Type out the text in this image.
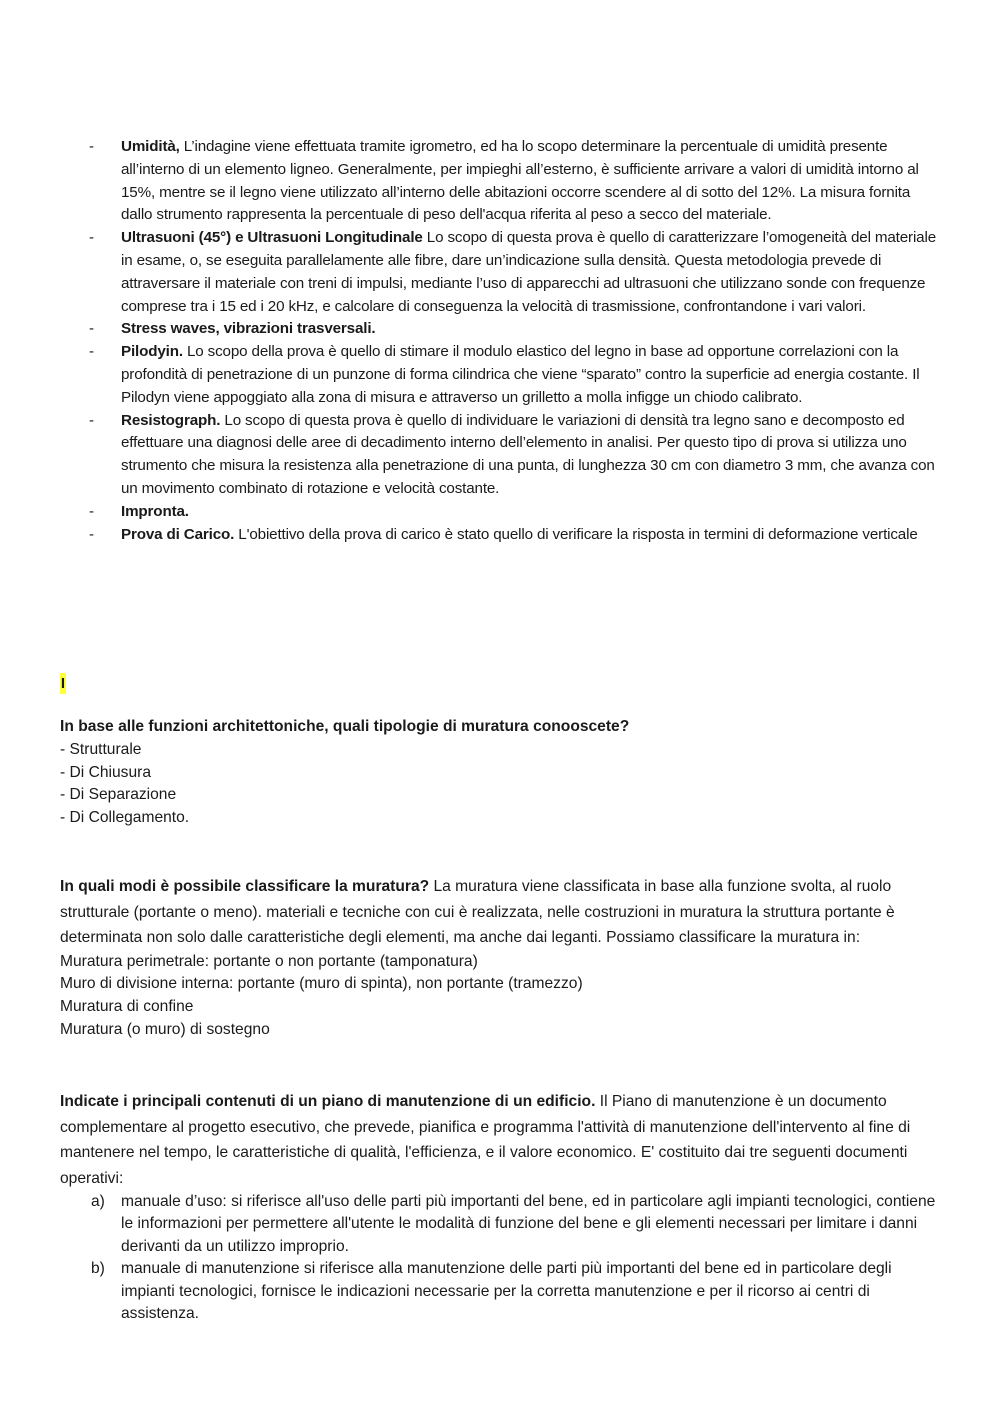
- Umidità, L’indagine viene effettuata tramite igrometro, ed ha lo scopo determinare la percentuale di umidità presente all’interno di un elemento ligneo. Generalmente, per impieghi all’esterno, è sufficiente arrivare a valori di umidità intorno al 15%, mentre se il legno viene utilizzato all’interno delle abitazioni occorre scendere al di sotto del 12%. La misura fornita dallo strumento rappresenta la percentuale di peso dell'acqua riferita al peso a secco del materiale.
- Ultrasuoni (45°) e Ultrasuoni Longitudinale Lo scopo di questa prova è quello di caratterizzare l’omogeneità del materiale in esame, o, se eseguita parallelamente alle fibre, dare un’indicazione sulla densità. Questa metodologia prevede di attraversare il materiale con treni di impulsi, mediante l’uso di apparecchi ad ultrasuoni che utilizzano sonde con frequenze comprese tra i 15 ed i 20 kHz, e calcolare di conseguenza la velocità di trasmissione, confrontandone i vari valori.
- Stress waves, vibrazioni trasversali.
- Pilodyin. Lo scopo della prova è quello di stimare il modulo elastico del legno in base ad opportune correlazioni con la profondità di penetrazione di un punzone di forma cilindrica che viene “sparato” contro la superficie ad energia costante. Il Pilodyn viene appoggiato alla zona di misura e attraverso un grilletto a molla infigge un chiodo calibrato.
- Resistograph. Lo scopo di questa prova è quello di individuare le variazioni di densità tra legno sano e decomposto ed effettuare una diagnosi delle aree di decadimento interno dell’elemento in analisi. Per questo tipo di prova si utilizza uno strumento che misura la resistenza alla penetrazione di una punta, di lunghezza 30 cm con diametro 3 mm, che avanza con un movimento combinato di rotazione e velocità costante.
- Impronta.
- Prova di Carico. L'obiettivo della prova di carico è stato quello di verificare la risposta in termini di deformazione verticale
I
In base alle funzioni architettoniche, quali tipologie di muratura conooscete?
- Strutturale
- Di Chiusura
- Di Separazione
- Di Collegamento.
In quali modi è possibile classificare la muratura? La muratura viene classificata in base alla funzione svolta, al ruolo strutturale (portante o meno). materiali e tecniche con cui è realizzata, nelle costruzioni in muratura la struttura portante è determinata non solo dalle caratteristiche degli elementi, ma anche dai leganti. Possiamo classificare la muratura in:
Muratura perimetrale: portante o non portante (tamponatura)
Muro di divisione interna: portante (muro di spinta), non portante (tramezzo)
Muratura di confine
Muratura (o muro) di sostegno
Indicate i principali contenuti di un piano di manutenzione di un edificio. Il Piano di manutenzione è un documento complementare al progetto esecutivo, che prevede, pianifica e programma l'attività di manutenzione dell'intervento al fine di mantenere nel tempo, le caratteristiche di qualità, l'efficienza, e il valore economico. E' costituito dai tre seguenti documenti operativi:
a) manuale d’uso: si riferisce all'uso delle parti più importanti del bene, ed in particolare agli impianti tecnologici, contiene le informazioni per permettere all'utente le modalità di funzione del bene e gli elementi necessari per limitare i danni derivanti da un utilizzo improprio.
b) manuale di manutenzione si riferisce alla manutenzione delle parti più importanti del bene ed in particolare degli impianti tecnologici, fornisce le indicazioni necessarie per la corretta manutenzione e per il ricorso ai centri di assistenza.
